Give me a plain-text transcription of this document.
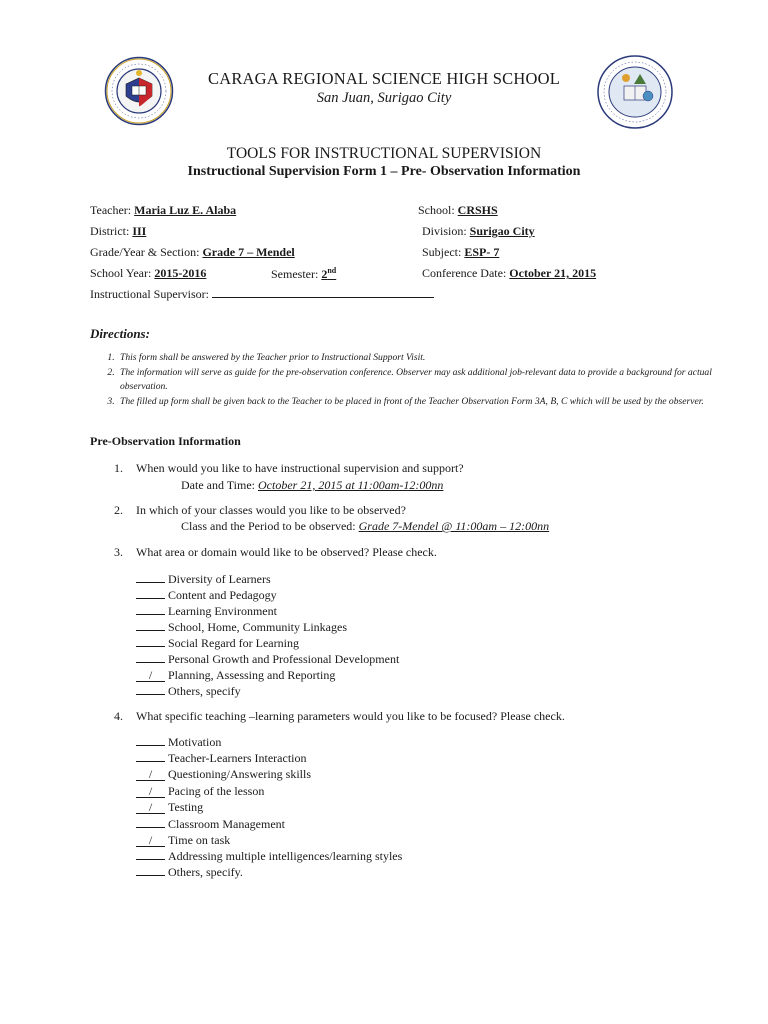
CARAGA REGIONAL SCIENCE HIGH SCHOOL
San Juan, Surigao City
TOOLS FOR INSTRUCTIONAL SUPERVISION
Instructional Supervision Form 1 – Pre- Observation Information
Teacher: Maria Luz E. Alaba	School: CRSHS
District: III	Division: Surigao City
Grade/Year & Section: Grade 7 – Mendel	Subject: ESP- 7
School Year: 2015-2016	Semester: 2nd	Conference Date: October 21, 2015
Instructional Supervisor:
Directions:
1. This form shall be answered by the Teacher prior to Instructional Support Visit.
2. The information will serve as guide for the pre-observation conference. Observer may ask additional job-relevant data to provide a background for actual observation.
3. The filled up form shall be given back to the Teacher to be placed in front of the Teacher Observation Form 3A, B, C which will be used by the observer.
Pre-Observation Information
1. When would you like to have instructional supervision and support?
Date and Time: October 21, 2015 at 11:00am-12:00nn
2. In which of your classes would you like to be observed?
Class and the Period to be observed: Grade 7-Mendel @ 11:00am – 12:00nn
3. What area or domain would like to be observed? Please check.
Diversity of Learners
Content and Pedagogy
Learning Environment
School, Home, Community Linkages
Social Regard for Learning
Personal Growth and Professional Development
/ Planning, Assessing and Reporting
Others, specify
4. What specific teaching –learning parameters would you like to be focused? Please check.
Motivation
Teacher-Learners Interaction
/ Questioning/Answering skills
/ Pacing of the lesson
/ Testing
Classroom Management
/ Time on task
Addressing multiple intelligences/learning styles
Others, specify.
